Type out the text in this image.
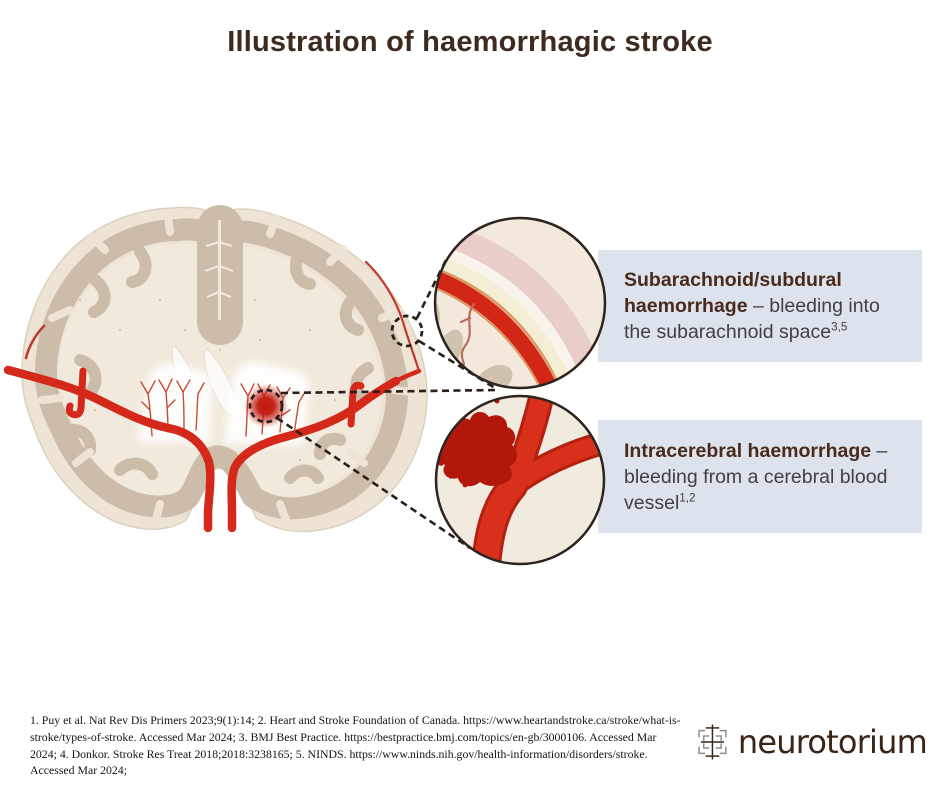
Illustration of haemorrhagic stroke

Subarachnoid/subdural haemorrhage – bleeding into the subarachnoid space$^{3,5}$

Intracerebral haemorrhage – bleeding from a cerebral blood vessel$^{1,2}$

1. Puy et al. Nat Rev Dis Primers 2023;9(1):14; 2. Heart and Stroke Foundation of Canada. https://www.heartandstroke.ca/stroke/what-is-stroke/types-of-stroke. Accessed Mar 2024; 3. BMJ Best Practice. https://bestpractice.bmj.com/topics/en-gb/3000106. Accessed Mar 2024; 4. Donkor. Stroke Res Treat 2018;2018:3238165; 5. NINDS. https://www.ninds.nih.gov/health-information/disorders/stroke. Accessed Mar 2024;

neurotorium
